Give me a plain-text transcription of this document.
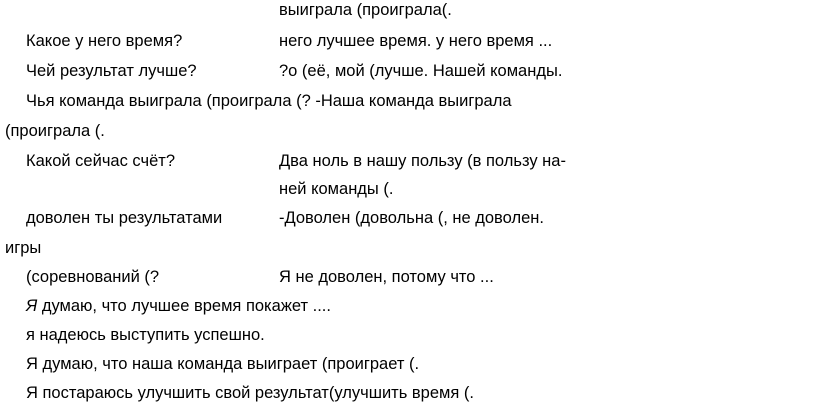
выиграла (проиграла(.
Какое у него время?	него лучшее время. у него время ...
Чей результат лучше?	?о (её, мой (лучше. Нашей команды.
Чья команда выиграла (проиграла (? -Наша команда выиграла
(проиграла (.
Какой сейчас счёт?	Два ноль в нашу пользу (в пользу на-
ней команды (.
доволен ты результатами	-Доволен (довольна (, не доволен.
игры
(соревнований (?	Я не доволен, потому что ...
Я думаю, что лучшее время покажет ....
я надеюсь выступить успешно.
Я думаю, что наша команда выиграет (проиграет (.
Я постараюсь улучшить свой результат(улучшить время (.
